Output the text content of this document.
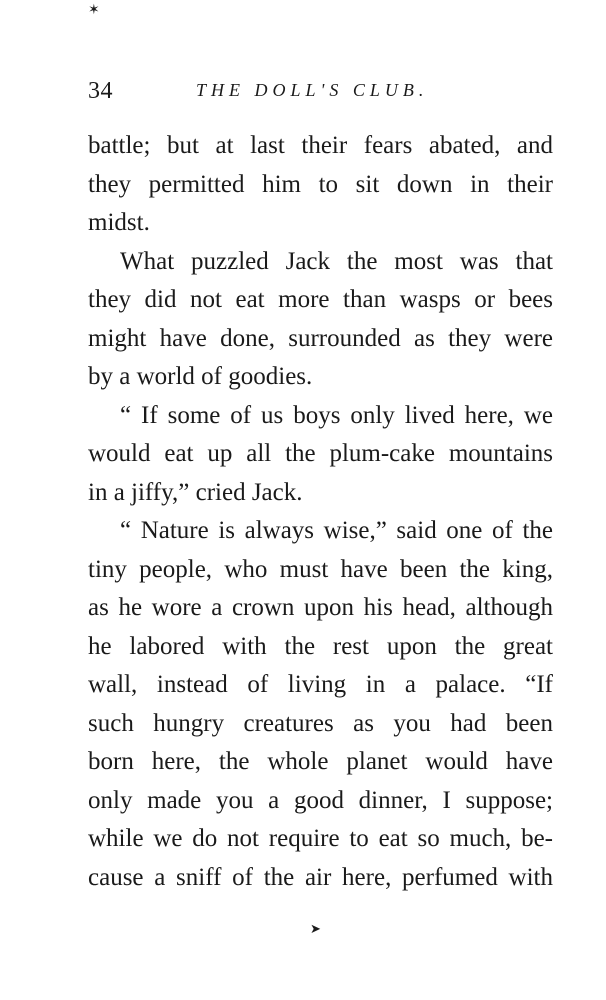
✶
34	THE DOLL'S CLUB.
battle; but at last their fears abated, and
they permitted him to sit down in their
midst.
What puzzled Jack the most was that
they did not eat more than wasps or bees
might have done, surrounded as they were
by a world of goodies.
“ If some of us boys only lived here, we
would eat up all the plum-cake mountains
in a jiffy,” cried Jack.
“ Nature is always wise,” said one of the
tiny people, who must have been the king,
as he wore a crown upon his head, although
he labored with the rest upon the great
wall, instead of living in a palace. “If
such hungry creatures as you had been
born here, the whole planet would have
only made you a good dinner, I suppose;
while we do not require to eat so much, be-
cause a sniff of the air here, perfumed with
➤
